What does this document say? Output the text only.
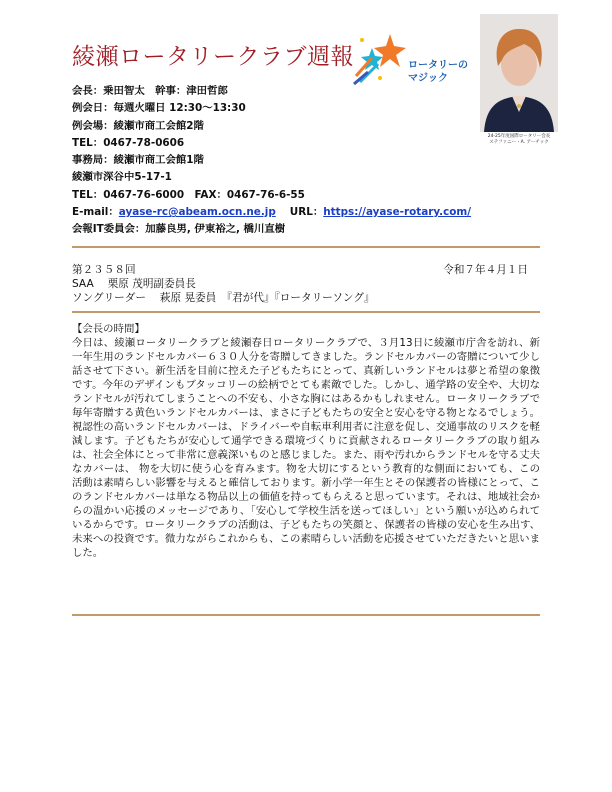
綾瀬ロータリークラブ週報	ロータリーの
マジック
24-25年度国際ロータリー会長
ステファニー・A. アーチック
会長：乗田智太　幹事：津田哲郎
例会日：毎週火曜日 12:30～13:30
例会場：綾瀬市商工会館2階
TEL：0467-78-0606
事務局：綾瀬市商工会館1階
綾瀬市深谷中5-17-1
TEL：0467-76-6000　FAX：0467-76-6-55
E-mail：ayase-rc@abeam.ocn.ne.jp　 URL：https://ayase-rotary.com/
会報IT委員会：加藤良男, 伊東裕之, 橋川直樹
第２３５８回	令和７年４月１日
SAA　 栗原 茂明副委員長
ソングリーダー　 萩原 晃委員　『君が代』『ロータリーソング』
【会長の時間】
今日は、綾瀬ロータリークラブと綾瀬春日ロータリークラブで、３月13日に綾瀬市庁舎を訪れ、新一年生用のランドセルカバー６３０人分を寄贈してきました。ランドセルカバーの寄贈について少し話させて下さい。新生活を目前に控えた子どもたちにとって、真新しいランドセルは夢と希望の象徴です。今年のデザインもブタッコリーの絵柄でとても素敵でした。しかし、通学路の安全や、大切なランドセルが汚れてしまうことへの不安も、小さな胸にはあるかもしれません。ロータリークラブで毎年寄贈する黄色いランドセルカバーは、まさに子どもたちの安全と安心を守る物となるでしょう。視認性の高いランドセルカバーは、ドライバーや自転車利用者に注意を促し、交通事故のリスクを軽減します。子どもたちが安心して通学できる環境づくりに貢献されるロータリークラブの取り組みは、社会全体にとって非常に意義深いものと感じました。また、雨や汚れからランドセルを守る丈夫なカバーは、 物を大切に使う心を育みます。物を大切にするという教育的な側面においても、この活動は素晴らしい影響を与えると確信しております。新小学一年生とその保護者の皆様にとって、このランドセルカバーは単なる物品以上の価値を持ってもらえると思っています。それは、地域社会からの温かい応援のメッセージであり、「安心して学校生活を送ってほしい」という願いが込められているからです。ロータリークラブの活動は、子どもたちの笑顔と、保護者の皆様の安心を生み出す、未来への投資です。微力ながらこれからも、この素晴らしい活動を応援させていただきたいと思いました。
